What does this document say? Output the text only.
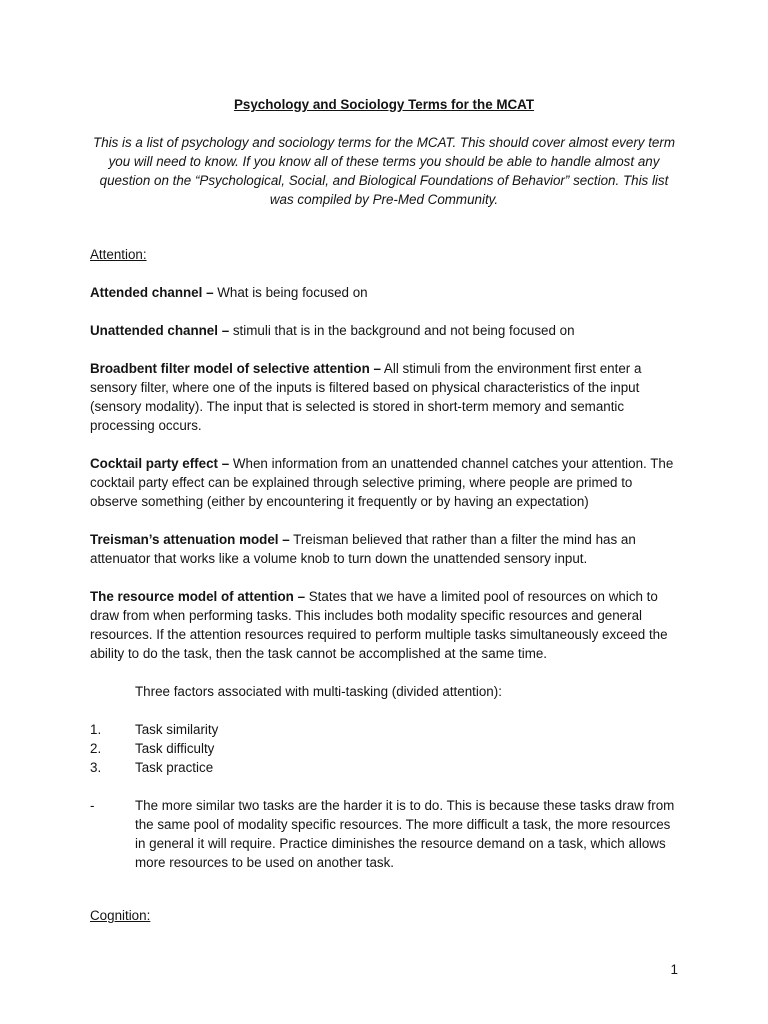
Psychology and Sociology Terms for the MCAT

This is a list of psychology and sociology terms for the MCAT. This should cover almost every term you will need to know. If you know all of these terms you should be able to handle almost any question on the “Psychological, Social, and Biological Foundations of Behavior” section. This list was compiled by Pre-Med Community.

Attention:

Attended channel – What is being focused on

Unattended channel – stimuli that is in the background and not being focused on

Broadbent filter model of selective attention – All stimuli from the environment first enter a sensory filter, where one of the inputs is filtered based on physical characteristics of the input (sensory modality). The input that is selected is stored in short-term memory and semantic processing occurs.

Cocktail party effect – When information from an unattended channel catches your attention. The cocktail party effect can be explained through selective priming, where people are primed to observe something (either by encountering it frequently or by having an expectation)

Treisman’s attenuation model – Treisman believed that rather than a filter the mind has an attenuator that works like a volume knob to turn down the unattended sensory input.

The resource model of attention – States that we have a limited pool of resources on which to draw from when performing tasks. This includes both modality specific resources and general resources. If the attention resources required to perform multiple tasks simultaneously exceed the ability to do the task, then the task cannot be accomplished at the same time.

Three factors associated with multi-tasking (divided attention):

1.	Task similarity
2.	Task difficulty
3.	Task practice
-	The more similar two tasks are the harder it is to do. This is because these tasks draw from the same pool of modality specific resources. The more difficult a task, the more resources in general it will require. Practice diminishes the resource demand on a task, which allows more resources to be used on another task.
Cognition:
1
